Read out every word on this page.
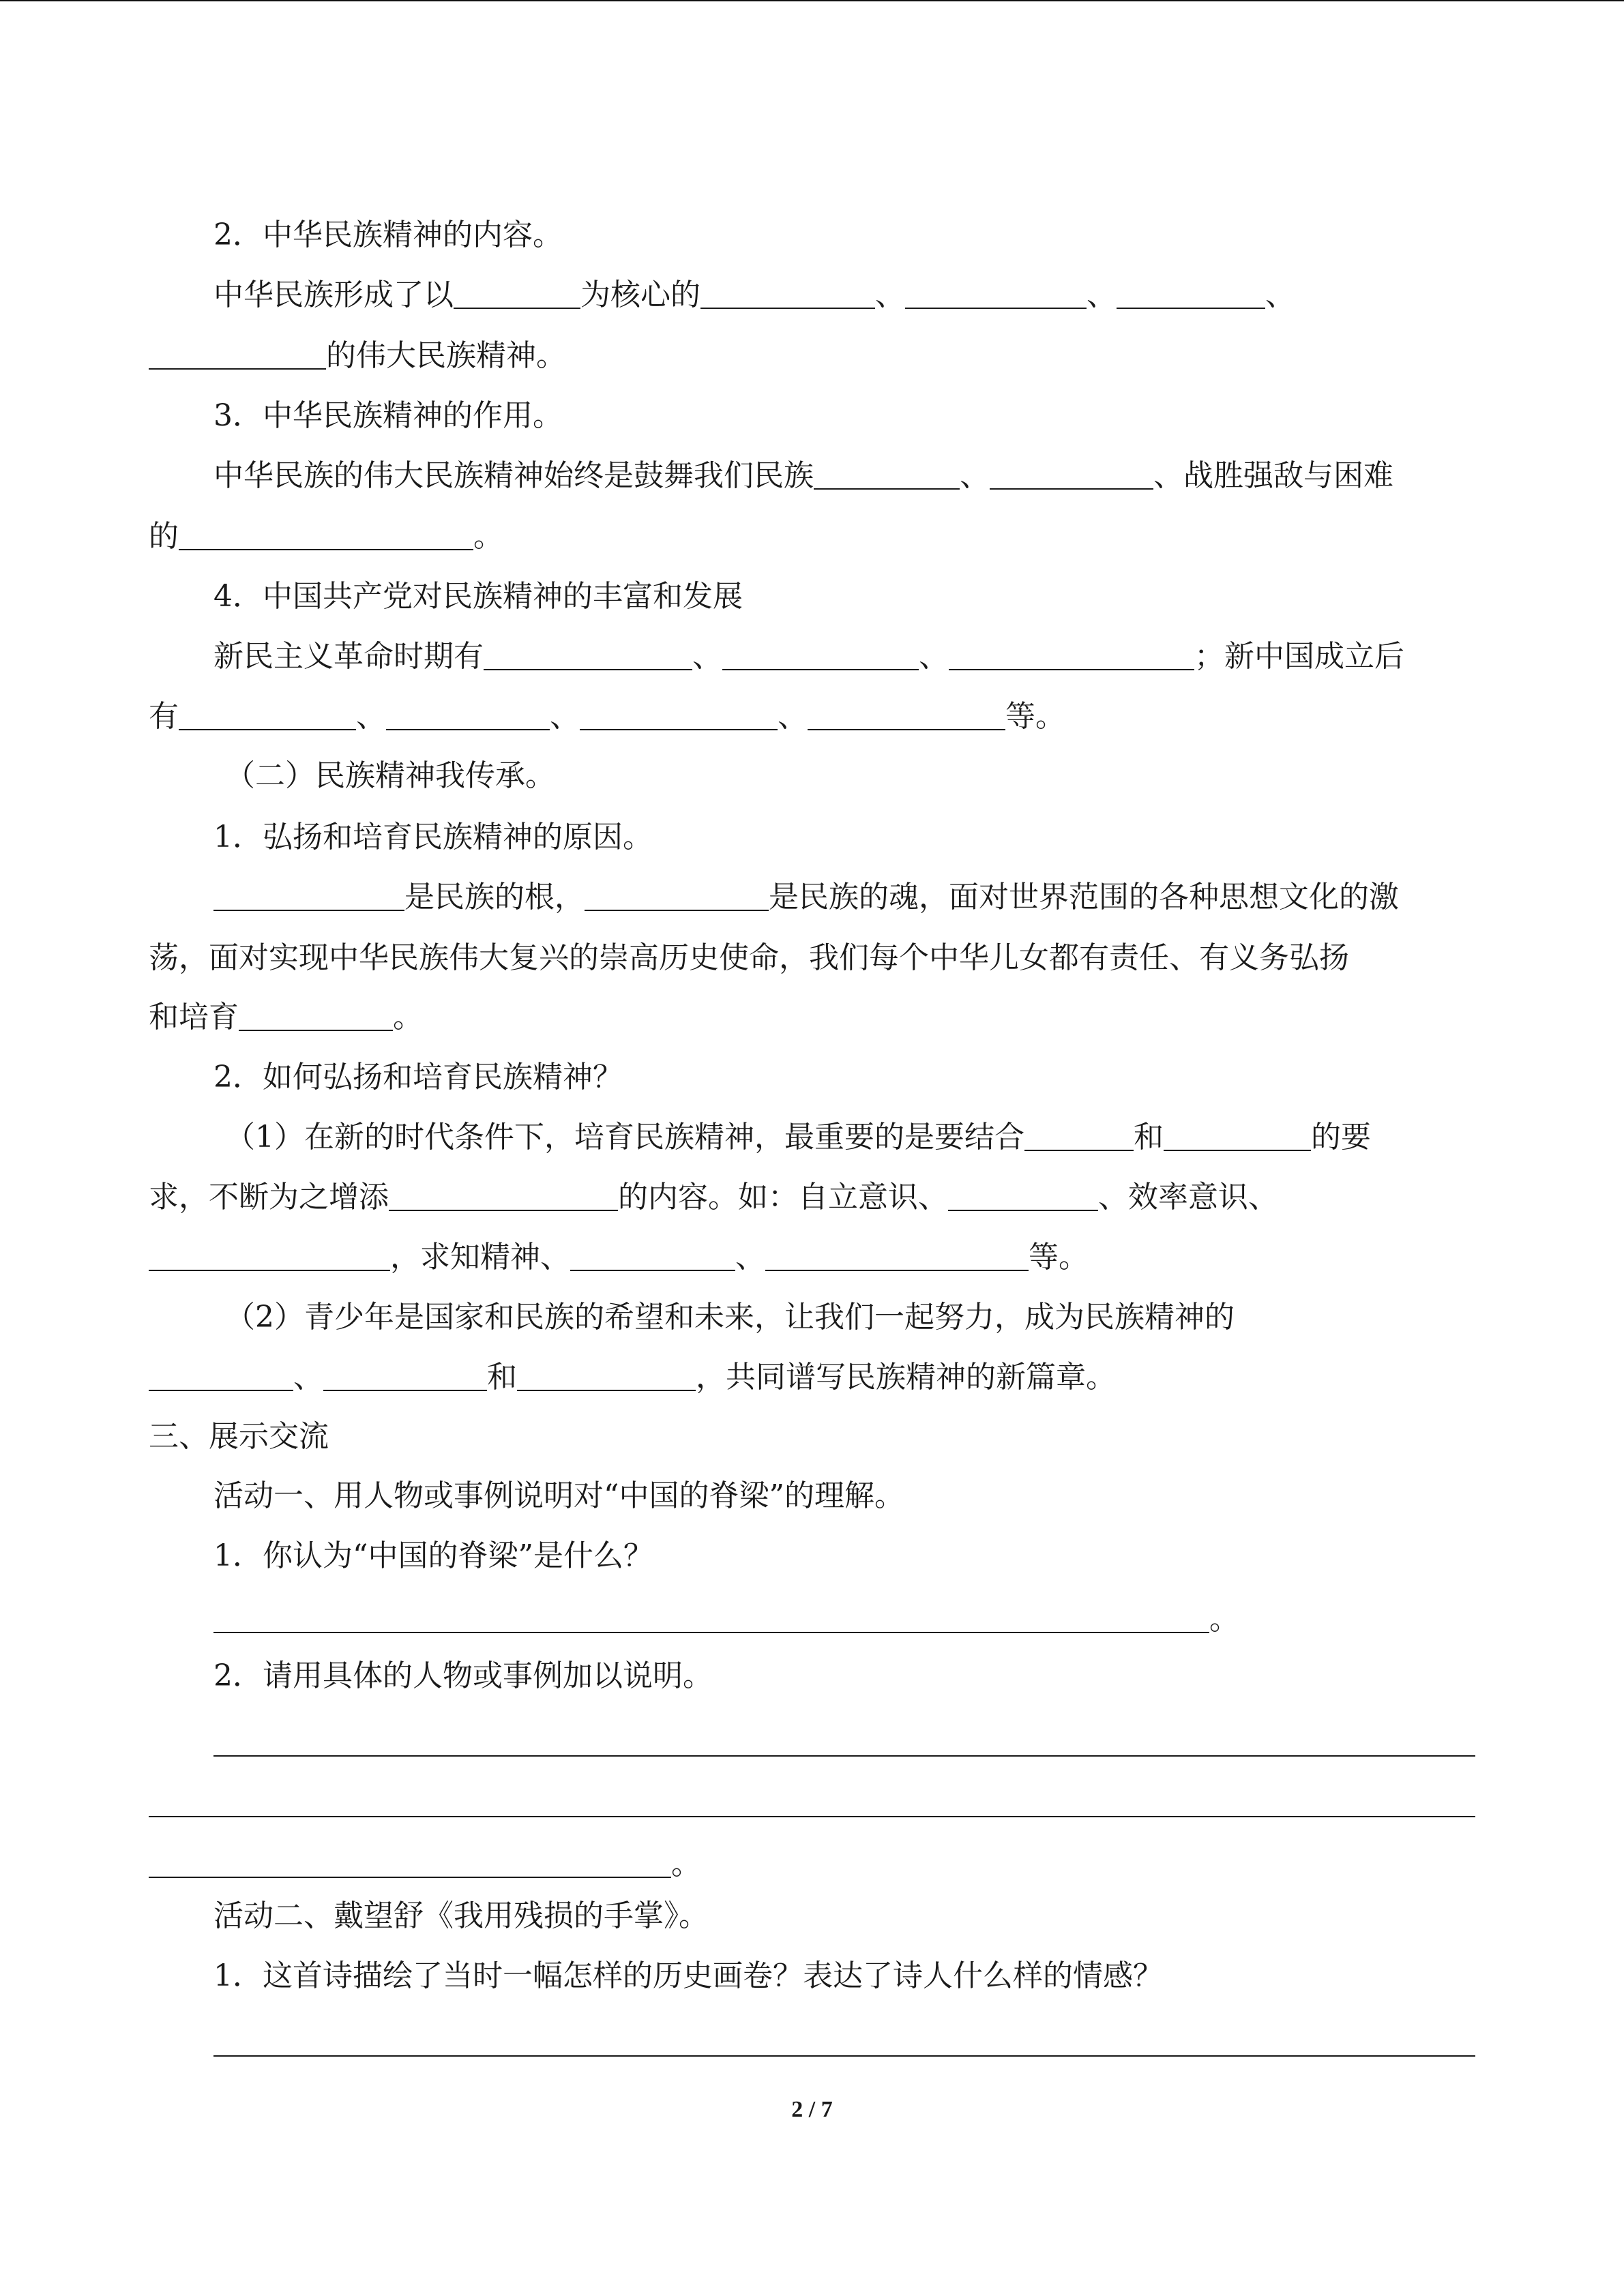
2．中华民族精神的内容。
中华民族形成了以	为核心的	、	、	、
的伟大民族精神。
3．中华民族精神的作用。
中华民族的伟大民族精神始终是鼓舞我们民族	、	、战胜强敌与困难
的	。
4．中国共产党对民族精神的丰富和发展
新民主义革命时期有	、	、	；新中国成立后
有	、	、	、	等。
（二）民族精神我传承。
1．弘扬和培育民族精神的原因。
是民族的根，	是民族的魂，面对世界范围的各种思想文化的激
荡，面对实现中华民族伟大复兴的崇高历史使命，我们每个中华儿女都有责任、有义务弘扬
和培育	。
2．如何弘扬和培育民族精神？
（1）在新的时代条件下，培育民族精神，最重要的是要结合	和	的要
求，不断为之增添	的内容。如：自立意识、	、效率意识、
，求知精神、	、	等。
（2）青少年是国家和民族的希望和未来，让我们一起努力，成为民族精神的
、	和	，共同谱写民族精神的新篇章。
三、展示交流
活动一、用人物或事例说明对“中国的脊梁”的理解。
1．你认为“中国的脊梁”是什么？
。
2．请用具体的人物或事例加以说明。
。
活动二、戴望舒《我用残损的手掌》。
1．这首诗描绘了当时一幅怎样的历史画卷？表达了诗人什么样的情感？
2 / 7
